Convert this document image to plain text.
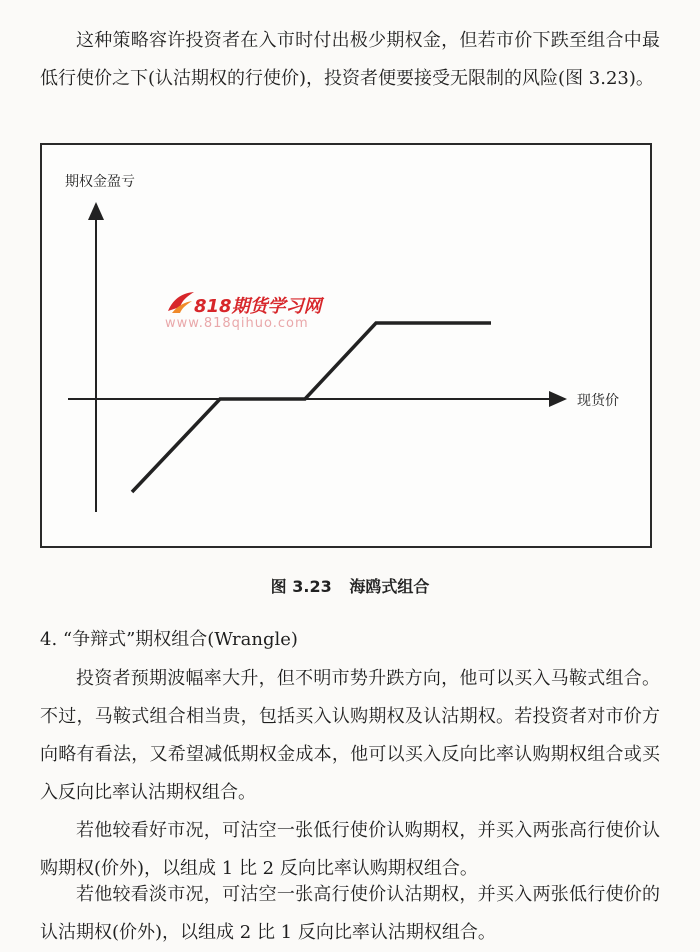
这种策略容许投资者在入市时付出极少期权金，但若市价下跌至组合中最低行使价之下(认沽期权的行使价)，投资者便要接受无限制的风险(图 3.23)。

期权金盈亏
现货价
818期货学习网
www.818qihuo.com
图 3.23 海鸥式组合
4. “争辩式”期权组合(Wrangle)

投资者预期波幅率大升，但不明市势升跌方向，他可以买入马鞍式组合。不过，马鞍式组合相当贵，包括买入认购期权及认沽期权。若投资者对市价方向略有看法，又希望减低期权金成本，他可以买入反向比率认购期权组合或买入反向比率认沽期权组合。

若他较看好市况，可沽空一张低行使价认购期权，并买入两张高行使价认购期权(价外)，以组成 1 比 2 反向比率认购期权组合。

若他较看淡市况，可沽空一张高行使价认沽期权，并买入两张低行使价的认沽期权(价外)，以组成 2 比 1 反向比率认沽期权组合。
